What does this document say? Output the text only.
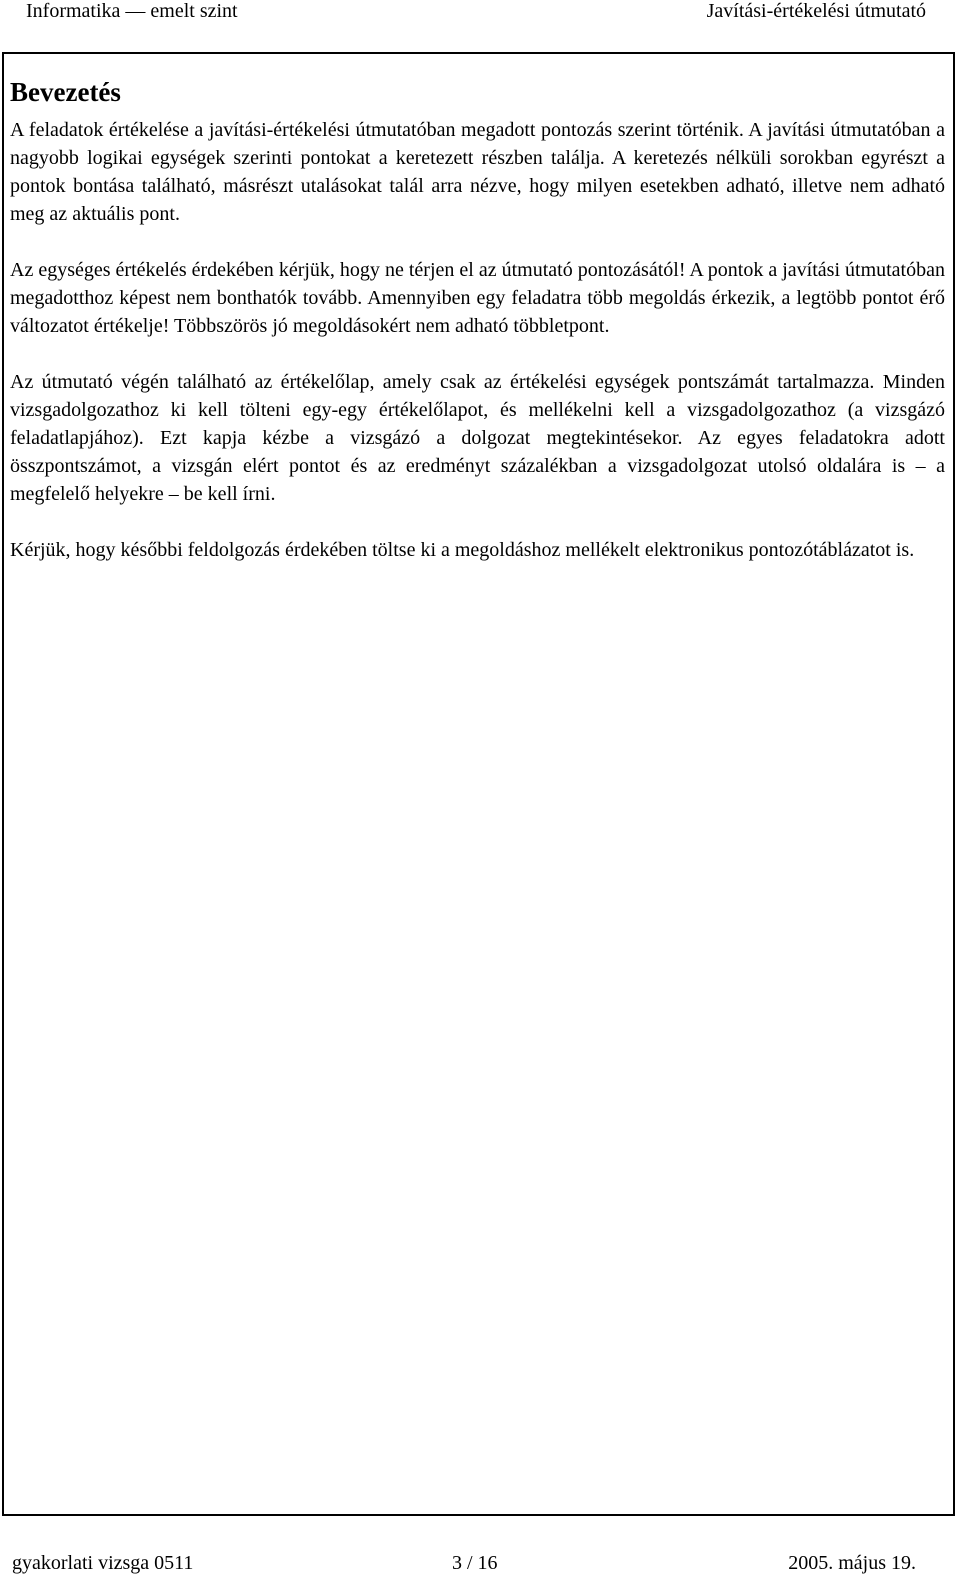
Informatika — emelt szint	Javítási-értékelési útmutató
Bevezetés

A feladatok értékelése a javítási-értékelési útmutatóban megadott pontozás szerint történik. A javítási útmutatóban a nagyobb logikai egységek szerinti pontokat a keretezett részben találja. A keretezés nélküli sorokban egyrészt a pontok bontása található, másrészt utalásokat talál arra nézve, hogy milyen esetekben adható, illetve nem adható meg az aktuális pont.

Az egységes értékelés érdekében kérjük, hogy ne térjen el az útmutató pontozásától! A pontok a javítási útmutatóban megadotthoz képest nem bonthatók tovább. Amennyiben egy feladatra több megoldás érkezik, a legtöbb pontot érő változatot értékelje! Többszörös jó megoldásokért nem adható többletpont.

Az útmutató végén található az értékelőlap, amely csak az értékelési egységek pontszámát tartalmazza. Minden vizsgadolgozathoz ki kell tölteni egy-egy értékelőlapot, és mellékelni kell a vizsgadolgozathoz (a vizsgázó feladatlapjához). Ezt kapja kézbe a vizsgázó a dolgozat megtekintésekor. Az egyes feladatokra adott összpontszámot, a vizsgán elért pontot és az eredményt százalékban a vizsgadolgozat utolsó oldalára is – a megfelelő helyekre – be kell írni.

Kérjük, hogy későbbi feldolgozás érdekében töltse ki a megoldáshoz mellékelt elektronikus pontozótáblázatot is.

gyakorlati vizsga 0511	3 / 16	2005. május 19.
